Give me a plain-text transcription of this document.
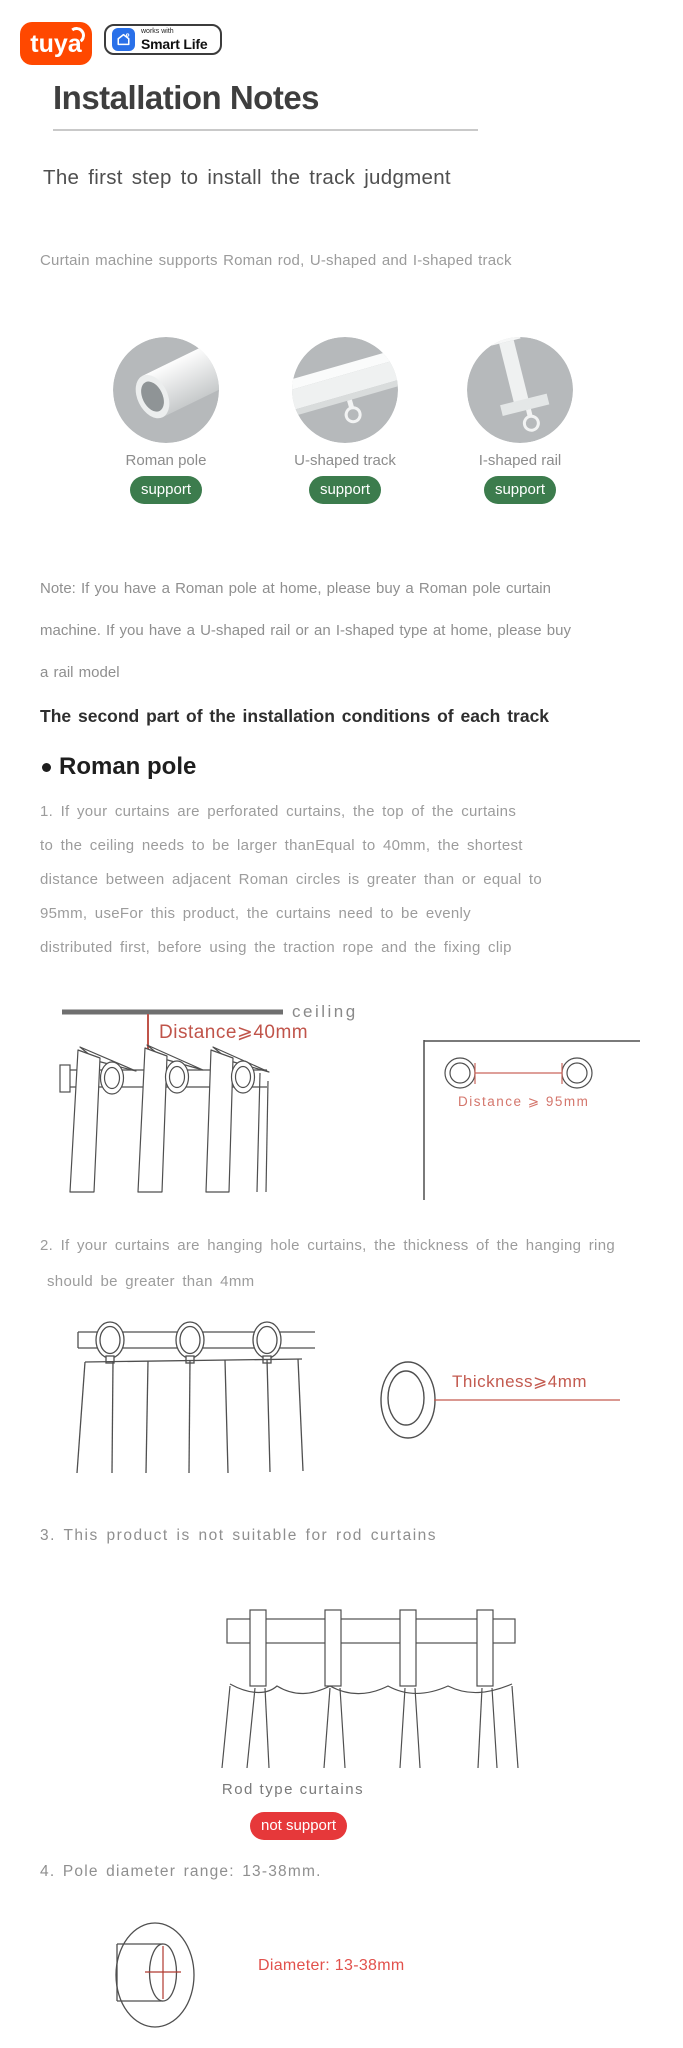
tuya	works with
Smart Life
Installation Notes
The first step to install the track judgment
Curtain machine supports Roman rod, U-shaped and I-shaped track
Roman pole
support
U-shaped track
support
I-shaped rail
support
Note: If you have a Roman pole at home, please buy a Roman pole curtain
machine. If you have a U-shaped rail or an I-shaped type at home, please buy
a rail model
The second part of the installation conditions of each track
Roman pole
1. If your curtains are perforated curtains, the top of the curtains
to the ceiling needs to be larger thanEqual to 40mm, the shortest
distance between adjacent Roman circles is greater than or equal to
95mm, useFor this product, the curtains need to be evenly
distributed first, before using the traction rope and the fixing clip
ceiling
Distance⩾40mm
Distance ⩾ 95mm
2. If your curtains are hanging hole curtains, the thickness of the hanging ring
should be greater than 4mm
Thickness⩾4mm
3. This product is not suitable for rod curtains
Rod type curtains
not support
4. Pole diameter range: 13-38mm.
Diameter: 13-38mm
